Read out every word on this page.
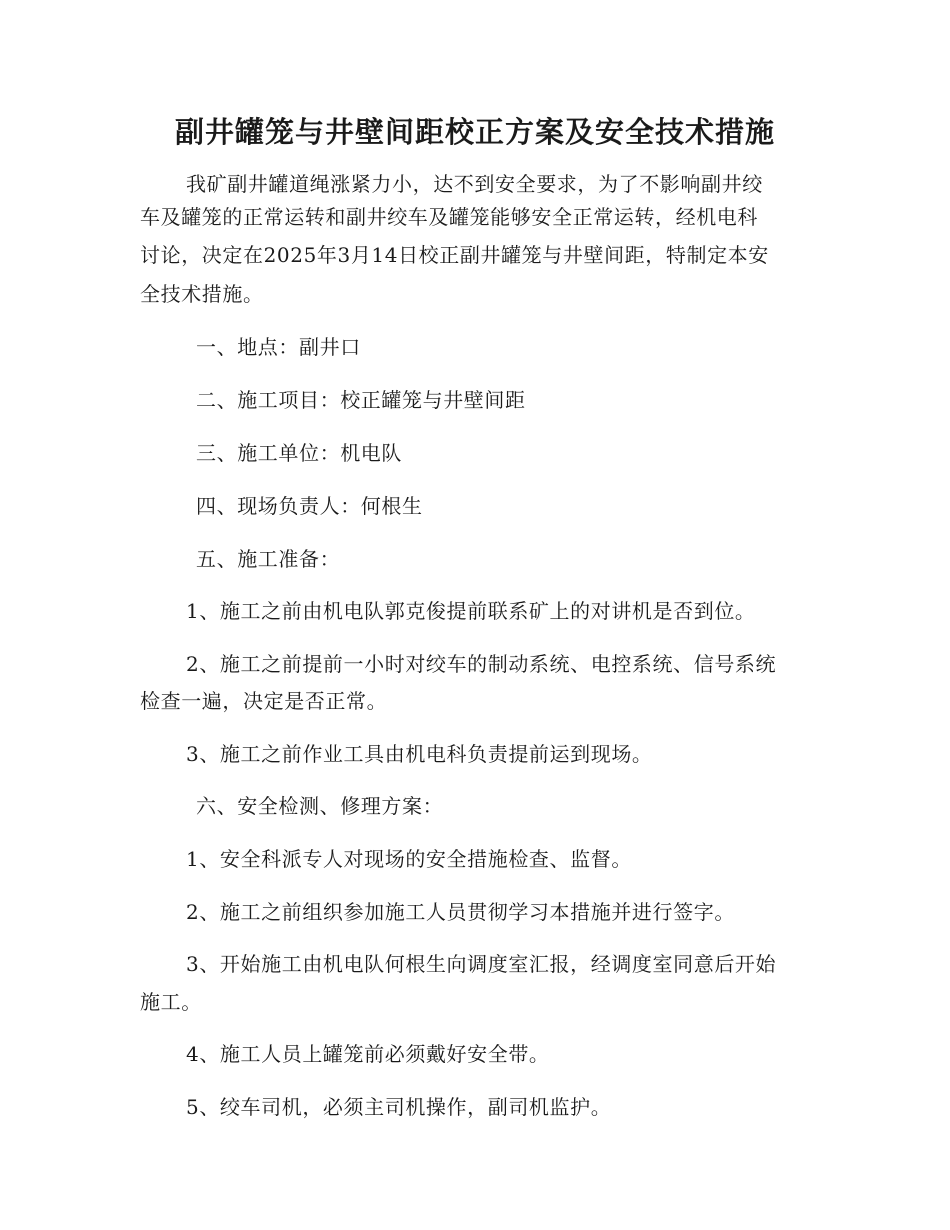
副井罐笼与井壁间距校正方案及安全技术措施
我矿副井罐道绳涨紧力小，达不到安全要求，为了不影响副井绞
车及罐笼的正常运转和副井绞车及罐笼能够安全正常运转，经机电科
讨论，决定在2025年3月14日校正副井罐笼与井壁间距，特制定本安
全技术措施。
一、地点：副井口
二、施工项目：校正罐笼与井壁间距
三、施工单位：机电队
四、现场负责人：何根生
五、施工准备：
1、施工之前由机电队郭克俊提前联系矿上的对讲机是否到位。
2、施工之前提前一小时对绞车的制动系统、电控系统、信号系统
检查一遍，决定是否正常。
3、施工之前作业工具由机电科负责提前运到现场。
六、安全检测、修理方案：
1、安全科派专人对现场的安全措施检查、监督。
2、施工之前组织参加施工人员贯彻学习本措施并进行签字。
3、开始施工由机电队何根生向调度室汇报，经调度室同意后开始
施工。
4、施工人员上罐笼前必须戴好安全带。
5、绞车司机，必须主司机操作，副司机监护。
